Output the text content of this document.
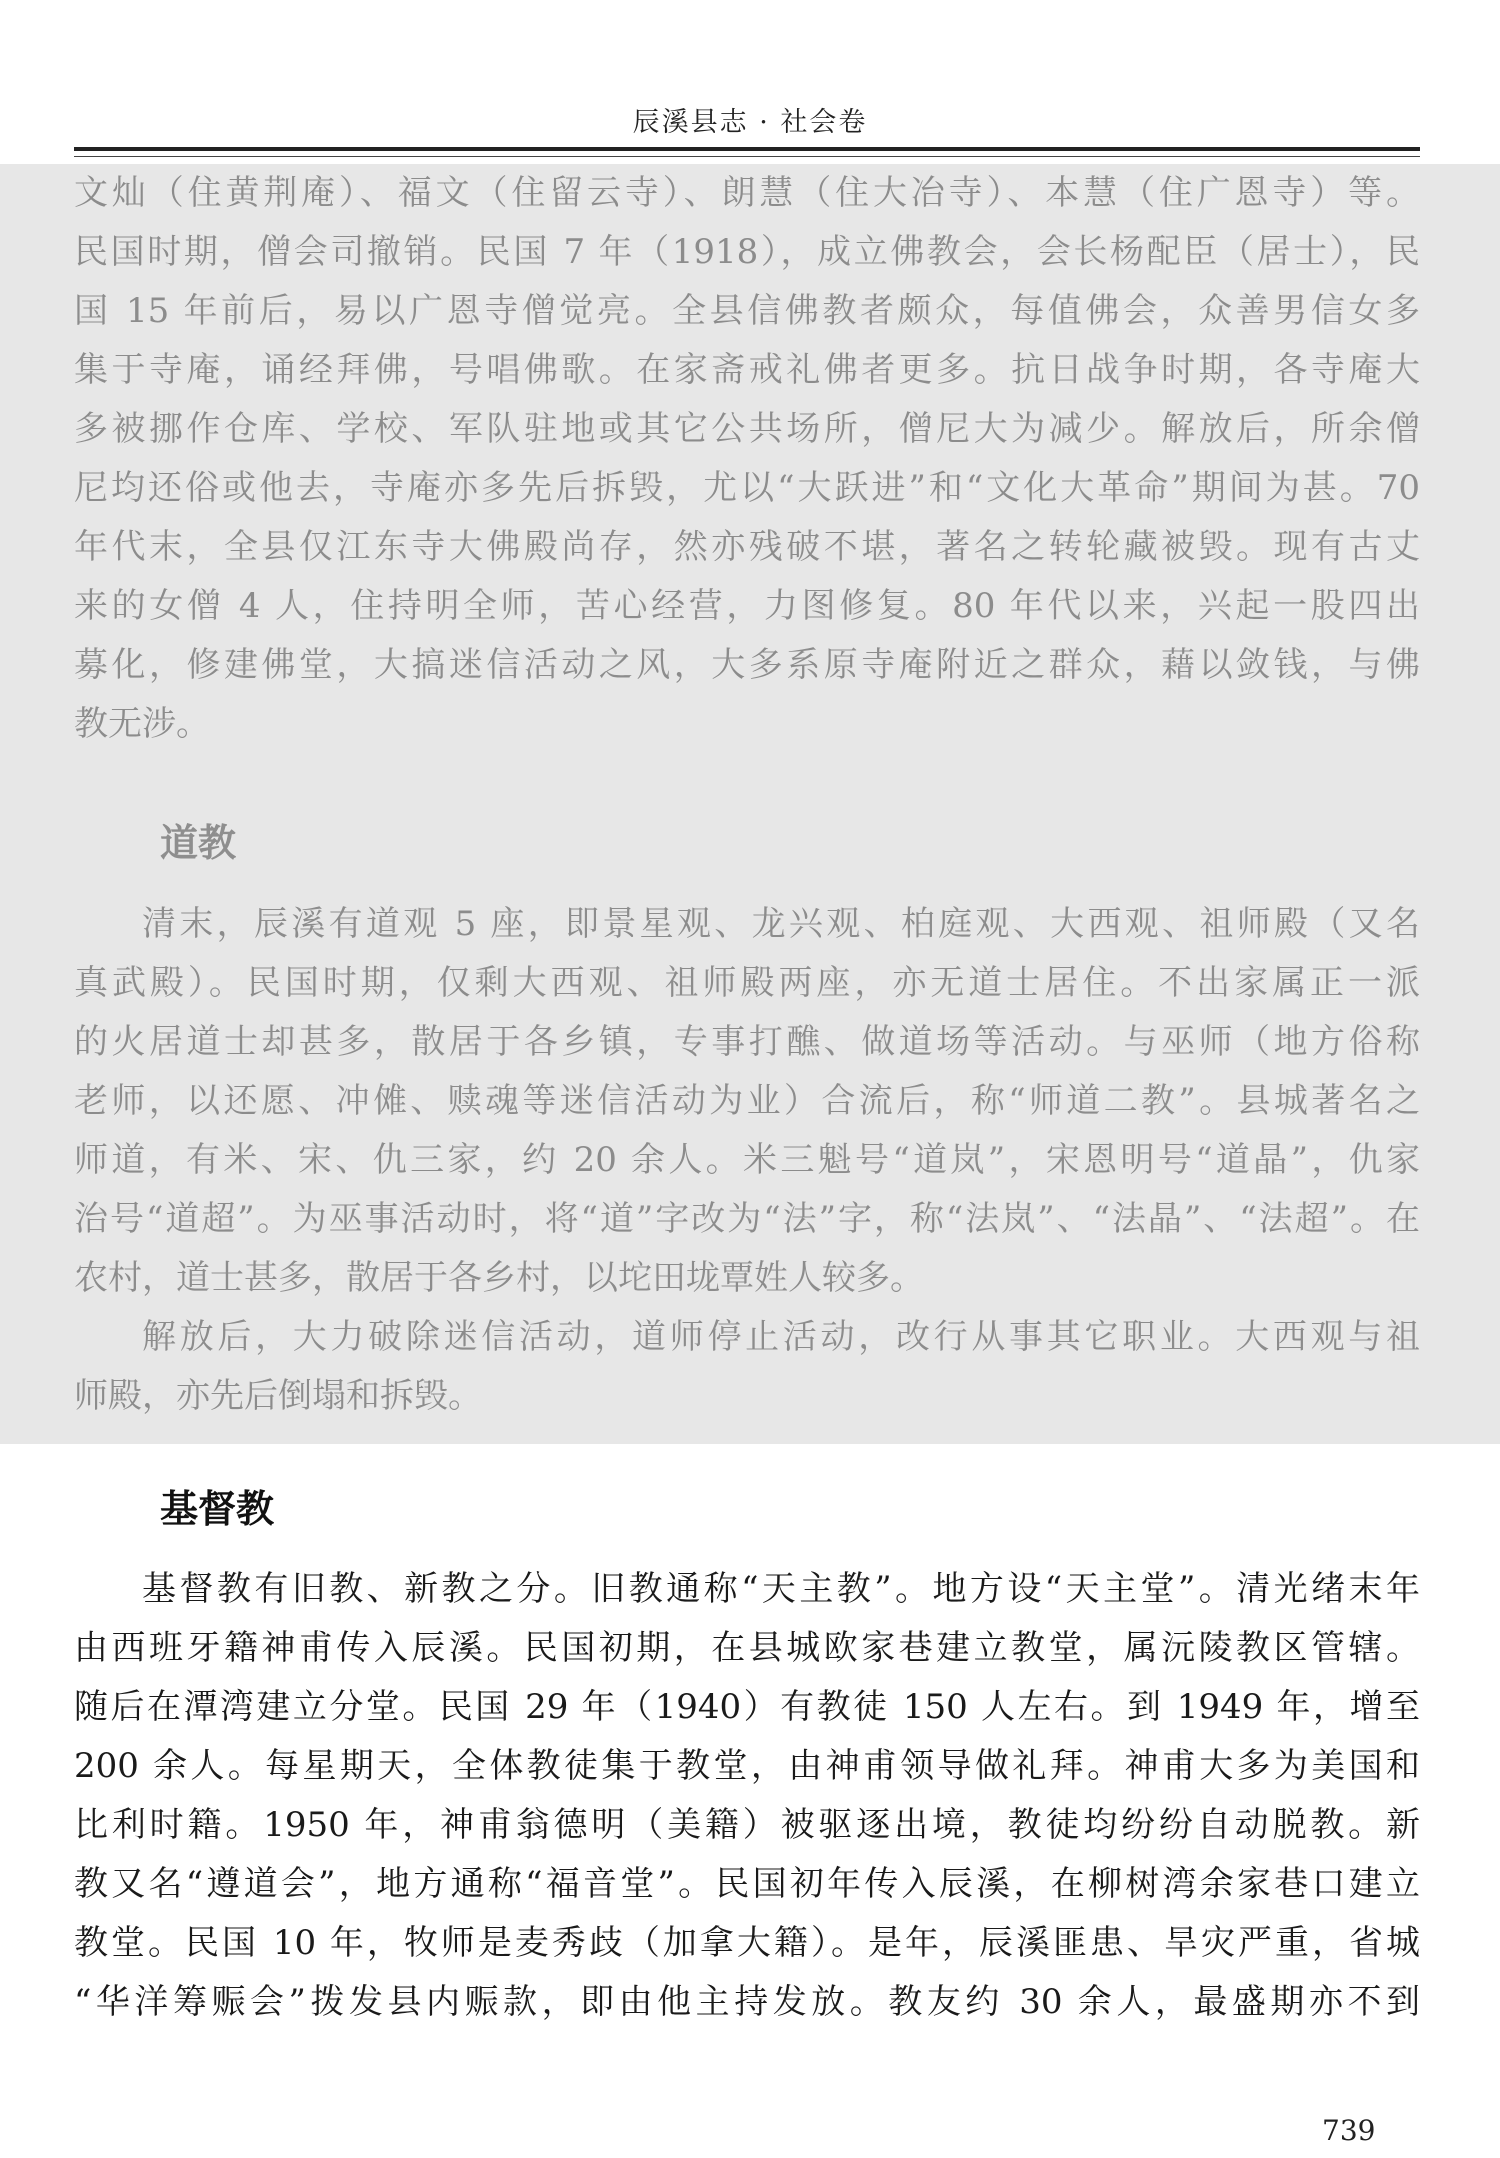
辰溪县志 · 社会卷
文灿（住黄荆庵）、福文（住留云寺）、朗慧（住大冶寺）、本慧（住广恩寺）等。
民国时期，僧会司撤销。民国 7 年（1918），成立佛教会，会长杨配臣（居士），民
国 15 年前后，易以广恩寺僧觉亮。全县信佛教者颇众，每值佛会，众善男信女多
集于寺庵，诵经拜佛，号唱佛歌。在家斋戒礼佛者更多。抗日战争时期，各寺庵大
多被挪作仓库、学校、军队驻地或其它公共场所，僧尼大为减少。解放后，所余僧
尼均还俗或他去，寺庵亦多先后拆毁，尤以“大跃进”和“文化大革命”期间为甚。70
年代末，全县仅江东寺大佛殿尚存，然亦残破不堪，著名之转轮藏被毁。现有古丈
来的女僧 4 人，住持明全师，苦心经营，力图修复。80 年代以来，兴起一股四出
募化，修建佛堂，大搞迷信活动之风，大多系原寺庵附近之群众，藉以敛钱，与佛
教无涉。
道教
清末，辰溪有道观 5 座，即景星观、龙兴观、柏庭观、大西观、祖师殿（又名
真武殿）。民国时期，仅剩大西观、祖师殿两座，亦无道士居住。不出家属正一派
的火居道士却甚多，散居于各乡镇，专事打醮、做道场等活动。与巫师（地方俗称
老师，以还愿、冲傩、赎魂等迷信活动为业）合流后，称“师道二教”。县城著名之
师道，有米、宋、仇三家，约 20 余人。米三魁号“道岚”，宋恩明号“道晶”，仇家
治号“道超”。为巫事活动时，将“道”字改为“法”字，称“法岚”、“法晶”、“法超”。在
农村，道士甚多，散居于各乡村，以坨田垅覃姓人较多。
解放后，大力破除迷信活动，道师停止活动，改行从事其它职业。大西观与祖
师殿，亦先后倒塌和拆毁。
基督教
基督教有旧教、新教之分。旧教通称“天主教”。地方设“天主堂”。清光绪末年
由西班牙籍神甫传入辰溪。民国初期，在县城欧家巷建立教堂，属沅陵教区管辖。
随后在潭湾建立分堂。民国 29 年（1940）有教徒 150 人左右。到 1949 年，增至
200 余人。每星期天，全体教徒集于教堂，由神甫领导做礼拜。神甫大多为美国和
比利时籍。1950 年，神甫翁德明（美籍）被驱逐出境，教徒均纷纷自动脱教。新
教又名“遵道会”，地方通称“福音堂”。民国初年传入辰溪，在柳树湾余家巷口建立
教堂。民国 10 年，牧师是麦秀歧（加拿大籍）。是年，辰溪匪患、旱灾严重，省城
“华洋筹赈会”拨发县内赈款，即由他主持发放。教友约 30 余人，最盛期亦不到
739
